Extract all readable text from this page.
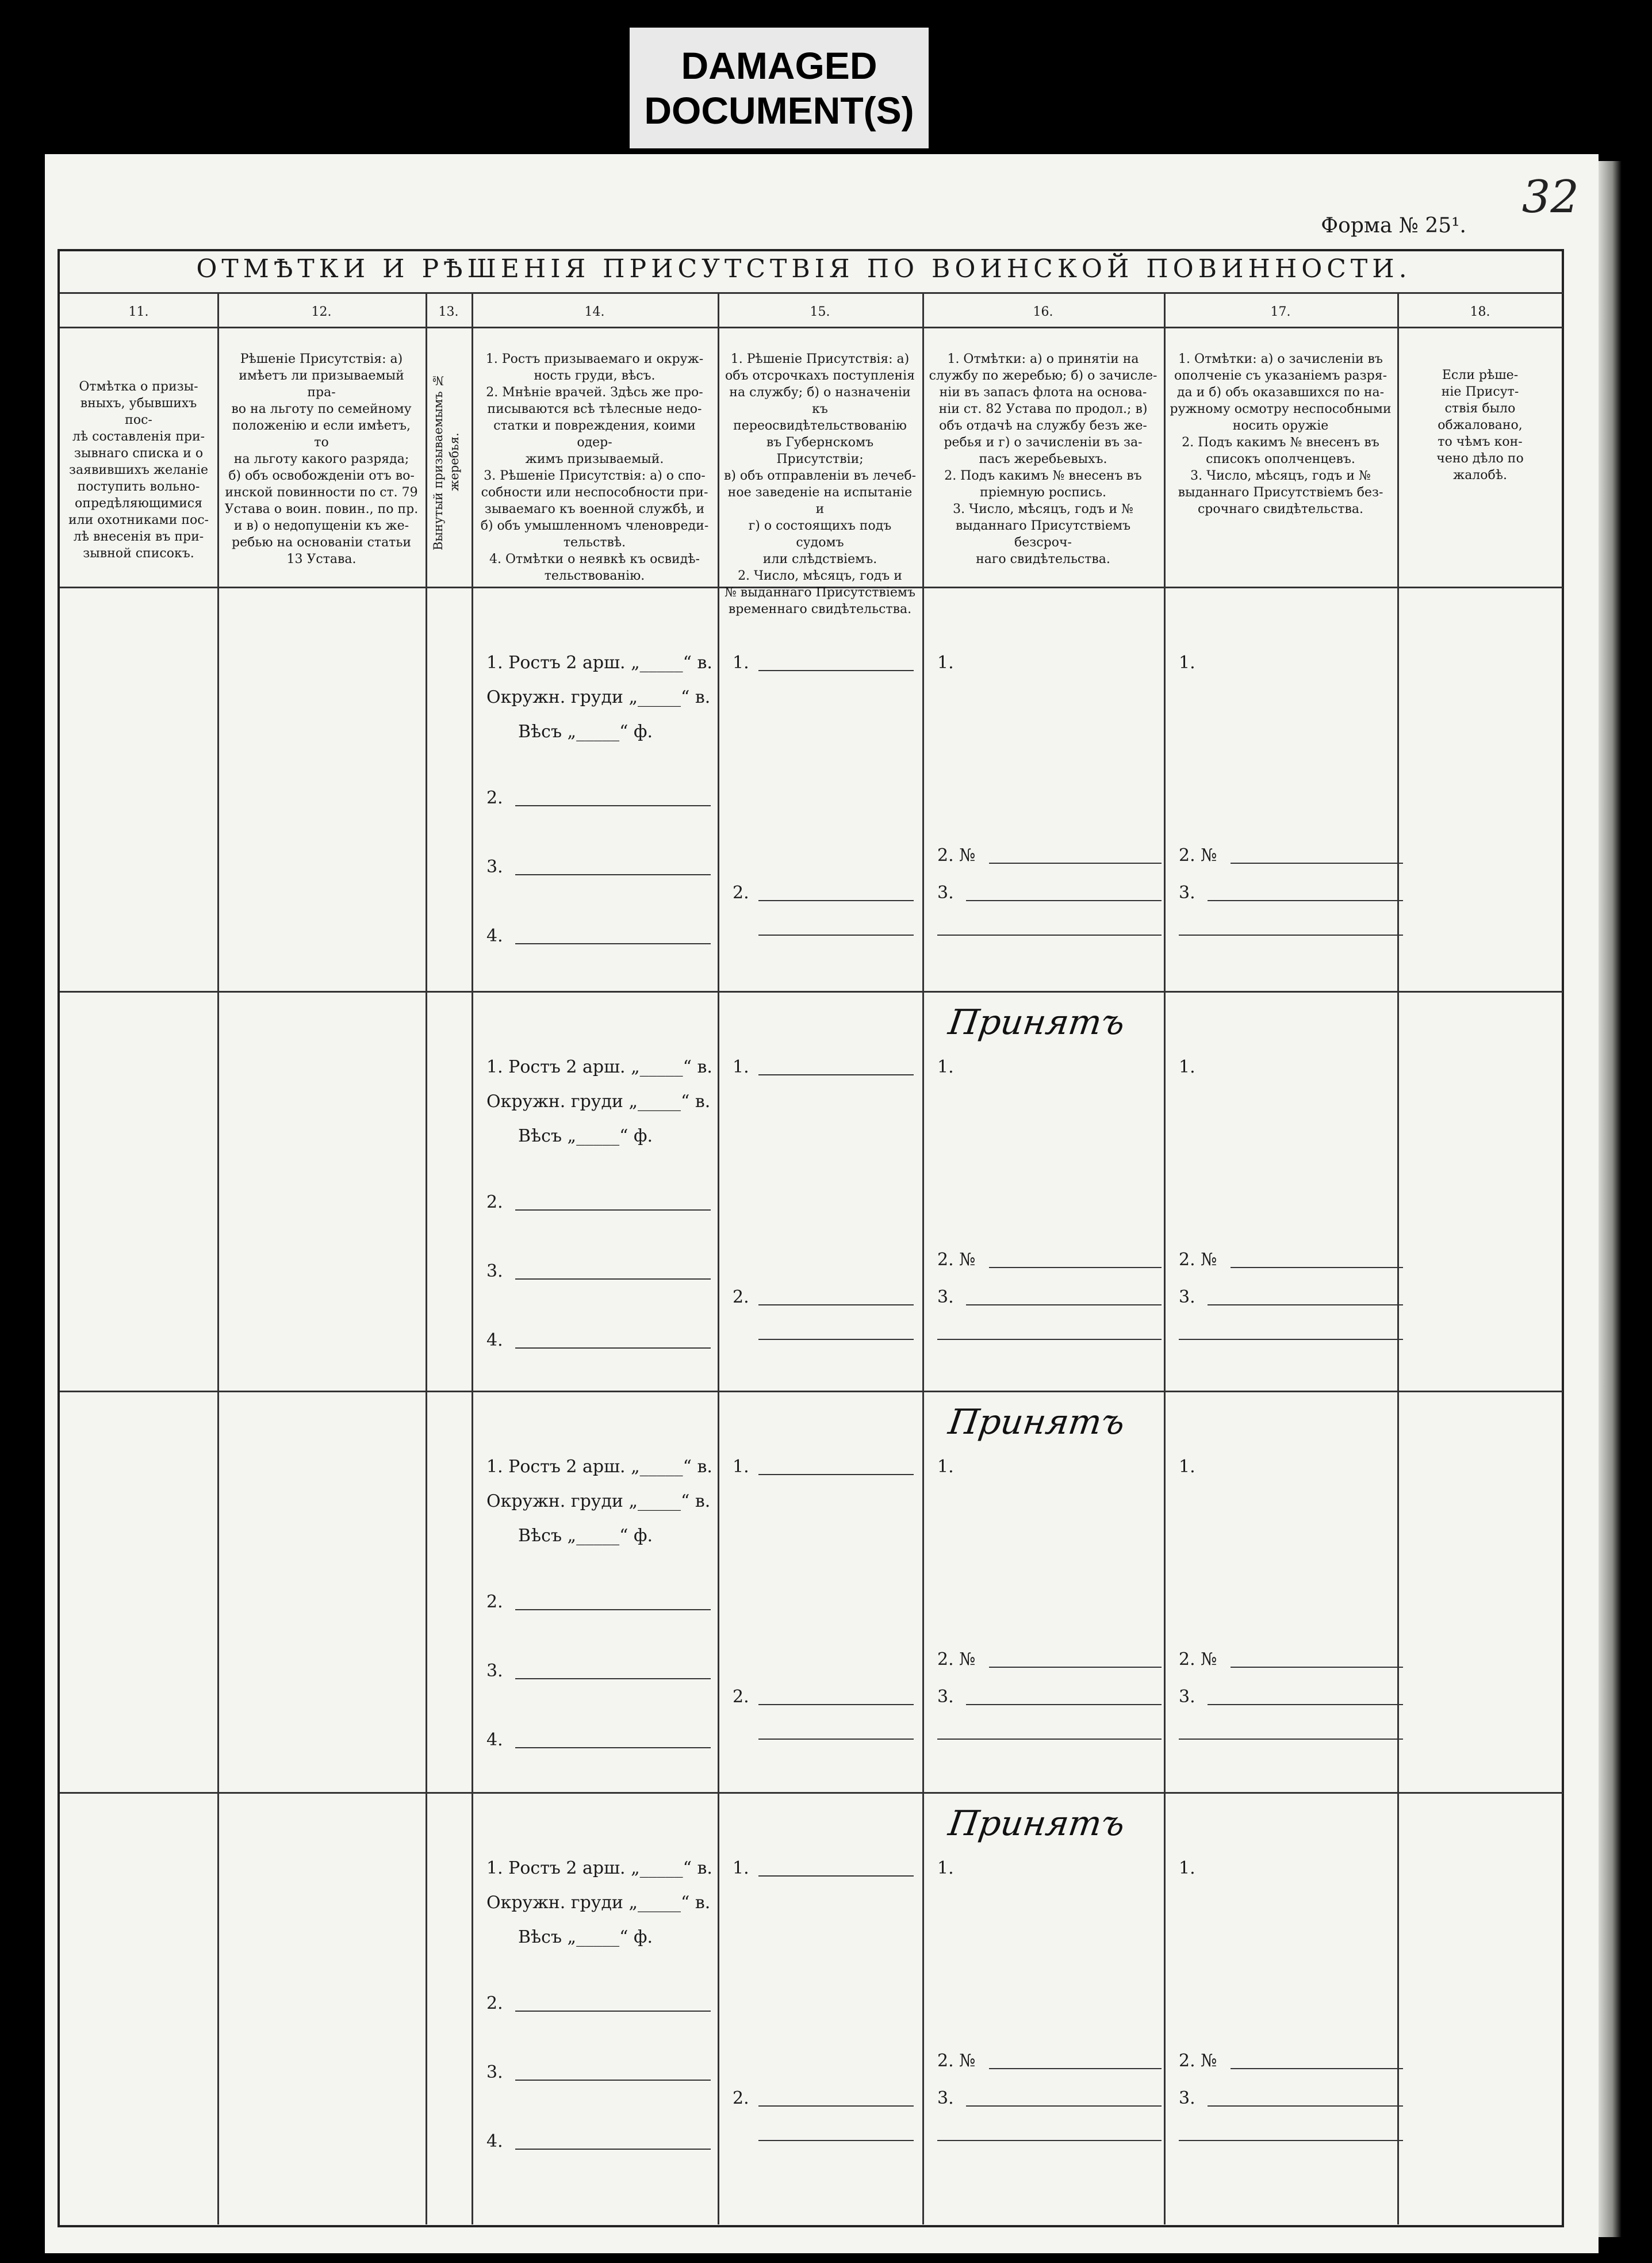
DAMAGED
DOCUMENT(S)
32
Форма № 25¹.
ОТМѢТКИ И РѢШЕНІЯ ПРИСУТСТВІЯ ПО ВОИНСКОЙ ПОВИННОСТИ.
11.
Отмѣтка о призы-
вныхъ, убывшихъ пос-
лѣ составленія при-
зывнаго списка и о
заявившихъ желаніе
поступить вольно-
опредѣляющимися
или охотниками пос-
лѣ внесенія въ при-
зывной списокъ.
12.
Рѣшеніе Присутствія: а)
имѣетъ ли призываемый пра-
во на льготу по семейному
положенію и если имѣетъ, то
на льготу какого разряда;
б) объ освобожденіи отъ во-
инской повинности по ст. 79
Устава о воин. повин., по пр.
и в) о недопущеніи къ же-
ребью на основаніи статьи
13 Устава.
13.
Вынутый призываемымъ №
жеребья.
14.
1. Ростъ призываемаго и окруж-
ность груди, вѣсъ.
2. Мнѣніе врачей. Здѣсь же про-
писываются всѣ тѣлесные недо-
статки и повреждения, коими одер-
жимъ призываемый.
3. Рѣшеніе Присутствія: а) о спо-
собности или неспособности при-
зываемаго къ военной службѣ, и
б) объ умышленномъ членовреди-
тельствѣ.
4. Отмѣтки о неявкѣ къ освидѣ-
тельствованію.
15.
1. Рѣшеніе Присутствія: а)
объ отсрочкахъ поступленія
на службу; б) о назначеніи
къ переосвидѣтельствованію
въ Губернскомъ Присутствіи;
в) объ отправленіи въ лечеб-
ное заведеніе на испытаніе и
г) о состоящихъ подъ судомъ
или слѣдствіемъ.
2. Число, мѣсяцъ, годъ и
№ выданнаго Присутствіемъ
временнаго свидѣтельства.
16.
1. Отмѣтки: а) о принятіи на
службу по жеребью; б) о зачисле-
ніи въ запасъ флота на основа-
ніи ст. 82 Устава по продол.; в)
объ отдачѣ на службу безъ же-
ребья и г) о зачисленіи въ за-
пасъ жеребьевыхъ.
2. Подъ какимъ № внесенъ въ
пріемную роспись.
3. Число, мѣсяцъ, годъ и №
выданнаго Присутствіемъ безсроч-
наго свидѣтельства.
17.
1. Отмѣтки: а) о зачисленіи въ
ополченіе съ указаніемъ разря-
да и б) объ оказавшихся по на-
ружному осмотру неспособными
носить оружіе
2. Подъ какимъ № внесенъ въ
списокъ ополченцевъ.
3. Число, мѣсяцъ, годъ и №
выданнаго Присутствіемъ без-
срочнаго свидѣтельства.
18.
Если рѣше-
ніе Присут-
ствія было
обжаловано,
то чѣмъ кон-
чено дѣло по
жалобѣ.
1. Ростъ 2 арш. „_____“ в.
Окружн. груди „_____“ в.
Вѣсъ „_____“ ф.
2.
3.
4.
1.
2.
1.
2. №
3.
1.
2. №
3.
1. Ростъ 2 арш. „_____“ в.
Окружн. груди „_____“ в.
Вѣсъ „_____“ ф.
2.
3.
4.
1.
2.
1.
Принятъ
2. №
3.
1.
2. №
3.
1. Ростъ 2 арш. „_____“ в.
Окружн. груди „_____“ в.
Вѣсъ „_____“ ф.
2.
3.
4.
1.
2.
1.
Принятъ
2. №
3.
1.
2. №
3.
1. Ростъ 2 арш. „_____“ в.
Окружн. груди „_____“ в.
Вѣсъ „_____“ ф.
2.
3.
4.
1.
2.
1.
Принятъ
2. №
3.
1.
2. №
3.
